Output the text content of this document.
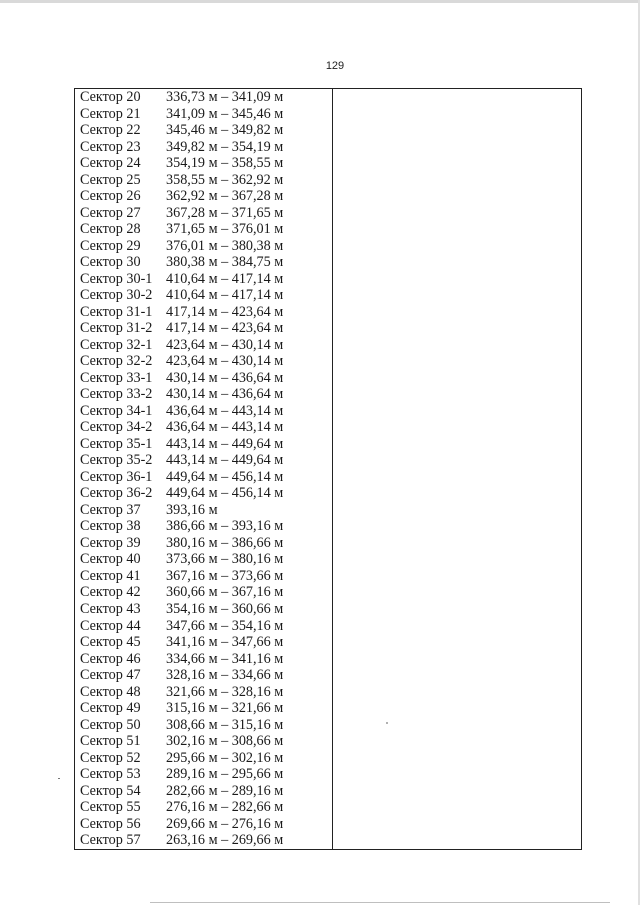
129
Сектор 20	336,73 м – 341,09 м
Сектор 21	341,09 м – 345,46 м
Сектор 22	345,46 м – 349,82 м
Сектор 23	349,82 м – 354,19 м
Сектор 24	354,19 м – 358,55 м
Сектор 25	358,55 м – 362,92 м
Сектор 26	362,92 м – 367,28 м
Сектор 27	367,28 м – 371,65 м
Сектор 28	371,65 м – 376,01 м
Сектор 29	376,01 м – 380,38 м
Сектор 30	380,38 м – 384,75 м
Сектор 30-1 410,64 м – 417,14 м
Сектор 30-2 410,64 м – 417,14 м
Сектор 31-1 417,14 м – 423,64 м
Сектор 31-2 417,14 м – 423,64 м
Сектор 32-1 423,64 м – 430,14 м
Сектор 32-2 423,64 м – 430,14 м
Сектор 33-1 430,14 м – 436,64 м
Сектор 33-2 430,14 м – 436,64 м
Сектор 34-1 436,64 м – 443,14 м
Сектор 34-2 436,64 м – 443,14 м
Сектор 35-1 443,14 м – 449,64 м
Сектор 35-2 443,14 м – 449,64 м
Сектор 36-1 449,64 м – 456,14 м
Сектор 36-2 449,64 м – 456,14 м
Сектор 37	393,16 м
Сектор 38	386,66 м – 393,16 м
Сектор 39	380,16 м – 386,66 м
Сектор 40	373,66 м – 380,16 м
Сектор 41	367,16 м – 373,66 м
Сектор 42	360,66 м – 367,16 м
Сектор 43	354,16 м – 360,66 м
Сектор 44	347,66 м – 354,16 м
Сектор 45	341,16 м – 347,66 м
Сектор 46	334,66 м – 341,16 м
Сектор 47	328,16 м – 334,66 м
Сектор 48	321,66 м – 328,16 м
Сектор 49	315,16 м – 321,66 м
Сектор 50	308,66 м – 315,16 м
Сектор 51	302,16 м – 308,66 м
Сектор 52	295,66 м – 302,16 м
Сектор 53	289,16 м – 295,66 м
Сектор 54	282,66 м – 289,16 м
Сектор 55	276,16 м – 282,66 м
Сектор 56	269,66 м – 276,16 м
Сектор 57	263,16 м – 269,66 м
